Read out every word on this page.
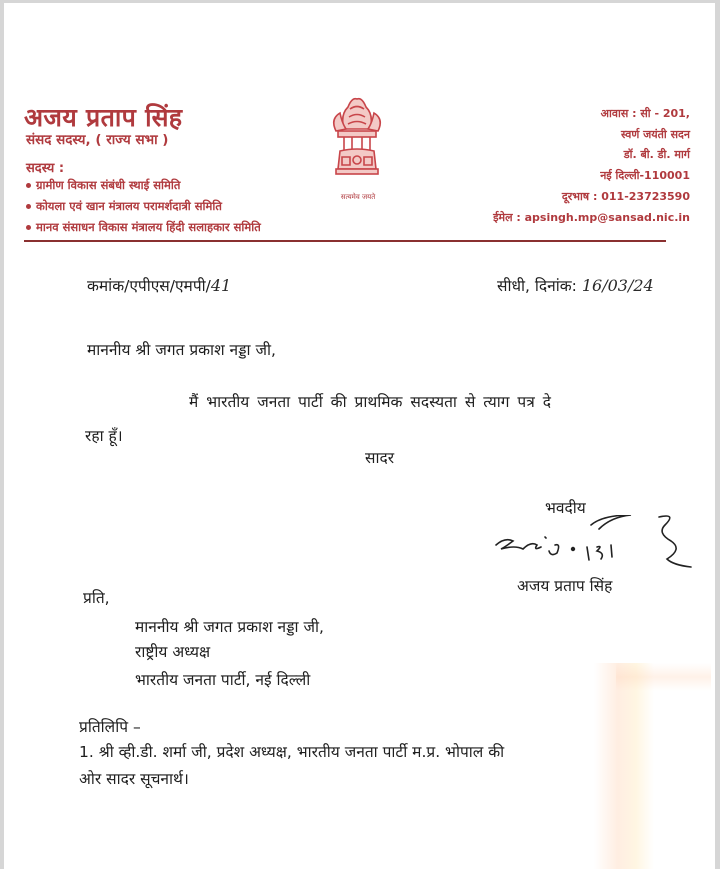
अजय प्रताप सिंह
संसद सदस्य, ( राज्य सभा )
सदस्य :
ग्रामीण विकास संबंधी स्थाई समिति
कोयला एवं खान मंत्रालय परामर्शदात्री समिति
मानव संसाधन विकास मंत्रालय हिंदी सलाहकार समिति
सत्यमेव जयते
आवास : सी - 201,
स्वर्ण जयंती सदन
डॉ. बी. डी. मार्ग
नई दिल्ली-110001
दूरभाष : 011-23723590
ईमेल : apsingh.mp@sansad.nic.in
कमांक/एपीएस/एमपी/41	सीधी, दिनांक: 16/03/24
माननीय श्री जगत प्रकाश नड्डा जी,
मैं भारतीय जनता पार्टी की प्राथमिक सदस्यता से त्याग पत्र दे
रहा हूँ।
सादर
भवदीय
अजय प्रताप सिंह
प्रति,
माननीय श्री जगत प्रकाश नड्डा जी,
राष्ट्रीय अध्यक्ष
भारतीय जनता पार्टी, नई दिल्ली
प्रतिलिपि –
1. श्री व्ही.डी. शर्मा जी, प्रदेश अध्यक्ष, भारतीय जनता पार्टी म.प्र. भोपाल की
ओर सादर सूचनार्थ।
